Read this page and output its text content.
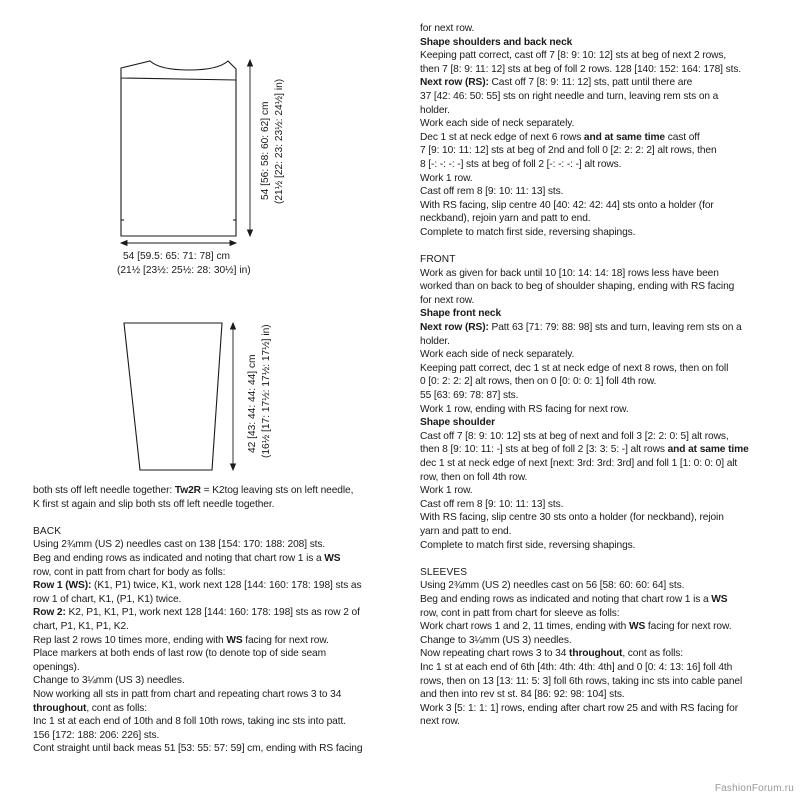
54 [56: 58: 60: 62] cm (21½ [22: 23: 23½: 24½] in)
54 [59.5: 65: 71: 78] cm
(21½ [23½: 25½: 28: 30½] in)
42 [43: 44: 44: 44] cm (16½ [17: 17½: 17½: 17½] in)

both sts off left needle together: Tw2R = K2tog leaving sts on left needle,

K first st again and slip both sts off left needle together.

BACK

Using 2¾mm (US 2) needles cast on 138 [154: 170: 188: 208] sts.

Beg and ending rows as indicated and noting that chart row 1 is a WS

row, cont in patt from chart for body as folls:

Row 1 (WS): (K1, P1) twice, K1, work next 128 [144: 160: 178: 198] sts as

row 1 of chart, K1, (P1, K1) twice.

Row 2: K2, P1, K1, P1, work next 128 [144: 160: 178: 198] sts as row 2 of

chart, P1, K1, P1, K2.

Rep last 2 rows 10 times more, ending with WS facing for next row.

Place markers at both ends of last row (to denote top of side seam

openings).

Change to 3¼mm (US 3) needles.

Now working all sts in patt from chart and repeating chart rows 3 to 34

throughout, cont as folls:

Inc 1 st at each end of 10th and 8 foll 10th rows, taking inc sts into patt.

156 [172: 188: 206: 226] sts.

Cont straight until back meas 51 [53: 55: 57: 59] cm, ending with RS facing

for next row.

Shape shoulders and back neck

Keeping patt correct, cast off 7 [8: 9: 10: 12] sts at beg of next 2 rows,

then 7 [8: 9: 11: 12] sts at beg of foll 2 rows. 128 [140: 152: 164: 178] sts.

Next row (RS): Cast off 7 [8: 9: 11: 12] sts, patt until there are

37 [42: 46: 50: 55] sts on right needle and turn, leaving rem sts on a

holder.

Work each side of neck separately.

Dec 1 st at neck edge of next 6 rows and at same time cast off

7 [9: 10: 11: 12] sts at beg of 2nd and foll 0 [2: 2: 2: 2] alt rows, then

8 [-: -: -: -] sts at beg of foll 2 [-: -: -: -] alt rows.

Work 1 row.

Cast off rem 8 [9: 10: 11: 13] sts.

With RS facing, slip centre 40 [40: 42: 42: 44] sts onto a holder (for

neckband), rejoin yarn and patt to end.

Complete to match first side, reversing shapings.

FRONT

Work as given for back until 10 [10: 14: 14: 18] rows less have been

worked than on back to beg of shoulder shaping, ending with RS facing

for next row.

Shape front neck

Next row (RS): Patt 63 [71: 79: 88: 98] sts and turn, leaving rem sts on a

holder.

Work each side of neck separately.

Keeping patt correct, dec 1 st at neck edge of next 8 rows, then on foll

0 [0: 2: 2: 2] alt rows, then on 0 [0: 0: 0: 1] foll 4th row.

55 [63: 69: 78: 87] sts.

Work 1 row, ending with RS facing for next row.

Shape shoulder

Cast off 7 [8: 9: 10: 12] sts at beg of next and foll 3 [2: 2: 0: 5] alt rows,

then 8 [9: 10: 11: -] sts at beg of foll 2 [3: 3: 5: -] alt rows and at same time

dec 1 st at neck edge of next [next: 3rd: 3rd: 3rd] and foll 1 [1: 0: 0: 0] alt

row, then on foll 4th row.

Work 1 row.

Cast off rem 8 [9: 10: 11: 13] sts.

With RS facing, slip centre 30 sts onto a holder (for neckband), rejoin

yarn and patt to end.

Complete to match first side, reversing shapings.

SLEEVES

Using 2¾mm (US 2) needles cast on 56 [58: 60: 60: 64] sts.

Beg and ending rows as indicated and noting that chart row 1 is a WS

row, cont in patt from chart for sleeve as folls:

Work chart rows 1 and 2, 11 times, ending with WS facing for next row.

Change to 3¼mm (US 3) needles.

Now repeating chart rows 3 to 34 throughout, cont as folls:

Inc 1 st at each end of 6th [4th: 4th: 4th: 4th] and 0 [0: 4: 13: 16] foll 4th

rows, then on 13 [13: 11: 5: 3] foll 6th rows, taking inc sts into cable panel

and then into rev st st. 84 [86: 92: 98: 104] sts.

Work 3 [5: 1: 1: 1] rows, ending after chart row 25 and with RS facing for

next row.

FashionForum.ru
